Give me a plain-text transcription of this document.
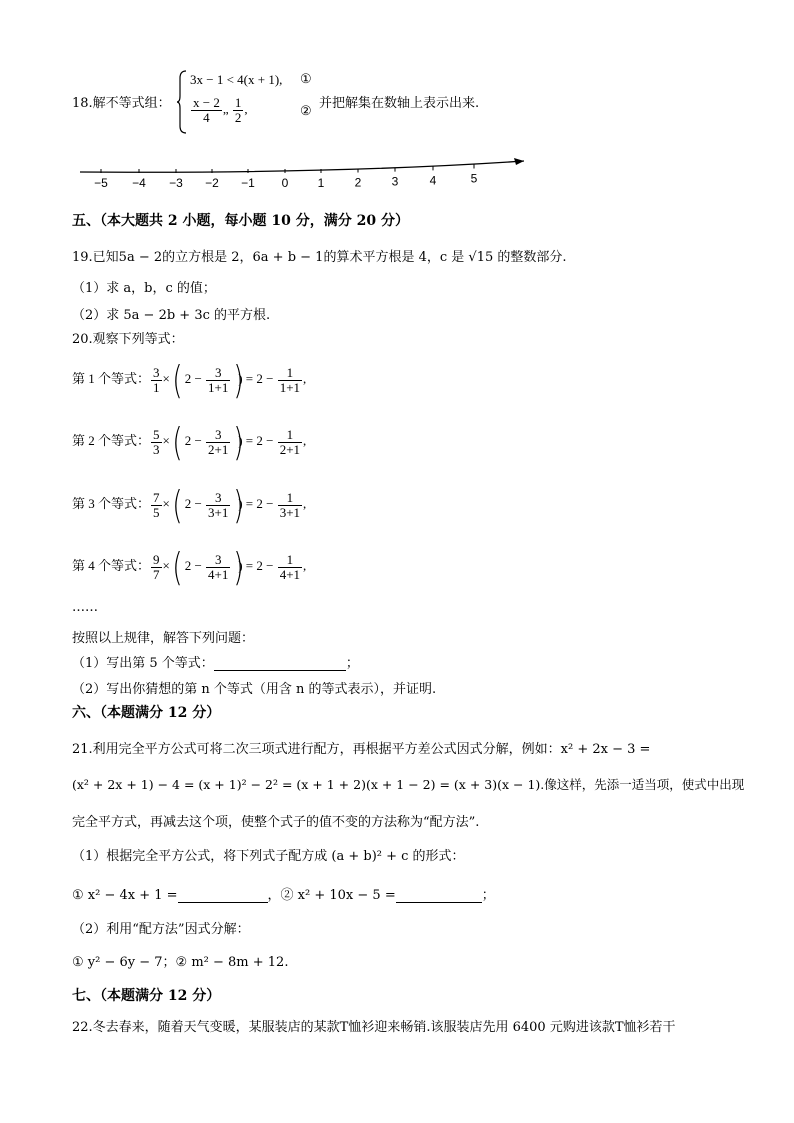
18.解不等式组：
3x − 1 < 4(x + 1),
$\frac{x - 2}{4}$ „ $\frac{1}{2}$ ,
①
②
并把解集在数轴上表示出来.
−5 −4 −3 −2 −1 0 1	2	3	4	5
五、（本大题共 2 小题，每小题 10 分，满分 20 分）
19.已知5a − 2的立方根是 2，6a + b − 1的算术平方根是 4，c 是 √15 的整数部分.
（1）求 a，b，c 的值；
（2）求 5a − 2b + 3c 的平方根.
20.观察下列等式：
第 1 个等式： $\frac{3}{1}$ ×( $2 - \frac{3}{1+1}$ )) = $2 - \frac{1}{1+1}$ ,
第 2 个等式： $\frac{5}{3}$ ×( $2 - \frac{3}{2+1}$ )) = $2 - \frac{1}{2+1}$ ,
第 3 个等式： $\frac{7}{5}$ ×( $2 - \frac{3}{3+1}$ )) = $2 - \frac{1}{3+1}$ ,
第 4 个等式： $\frac{9}{7}$ ×( $2 - \frac{3}{4+1}$ )) = $2 - \frac{1}{4+1}$ ,
……
按照以上规律，解答下列问题：
（1）写出第 5 个等式：	；
（2）写出你猜想的第 n 个等式（用含 n 的等式表示），并证明.
六、（本题满分 12 分）
21.利用完全平方公式可将二次三项式进行配方，再根据平方差公式因式分解，例如：x² + 2x − 3 =
(x² + 2x + 1) − 4 = (x + 1)² − 2² = (x + 1 + 2)(x + 1 − 2) = (x + 3)(x − 1).像这样，先添一适当项，使式中出现
完全平方式，再减去这个项，使整个式子的值不变的方法称为“配方法”.
（1）根据完全平方公式，将下列式子配方成 (a + b)² + c 的形式：
① x² − 4x + 1 =	，② x² + 10x − 5 =	；
（2）利用“配方法”因式分解：
① y² − 6y − 7；② m² − 8m + 12.
七、（本题满分 12 分）
22.冬去春来，随着天气变暖，某服装店的某款T恤衫迎来畅销.该服装店先用 6400 元购进该款T恤衫若干
